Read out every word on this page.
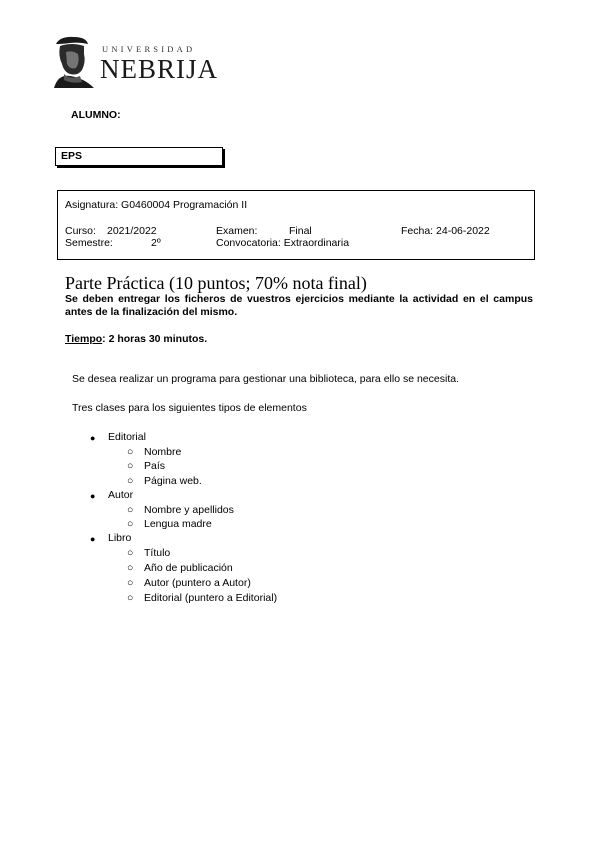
UNIVERSIDAD
NEBRIJA
ALUMNO:
EPS
Asignatura: G0460004 Programación II
Curso: 2021/2022	Examen:	Final	Fecha: 24-06-2022
Semestre:	2º	Convocatoria: Extraordinaria
Parte Práctica (10 puntos; 70% nota final)
Se deben entregar los ficheros de vuestros ejercicios mediante la actividad en el campus antes de la finalización del mismo.
Tiempo: 2 horas 30 minutos.
Se desea realizar un programa para gestionar una biblioteca, para ello se necesita.
Tres clases para los siguientes tipos de elementos
● Editorial
○ Nombre
○ País
○ Página web.
● Autor
○ Nombre y apellidos
○ Lengua madre
● Libro
○ Título
○ Año de publicación
○ Autor (puntero a Autor)
○ Editorial (puntero a Editorial)
